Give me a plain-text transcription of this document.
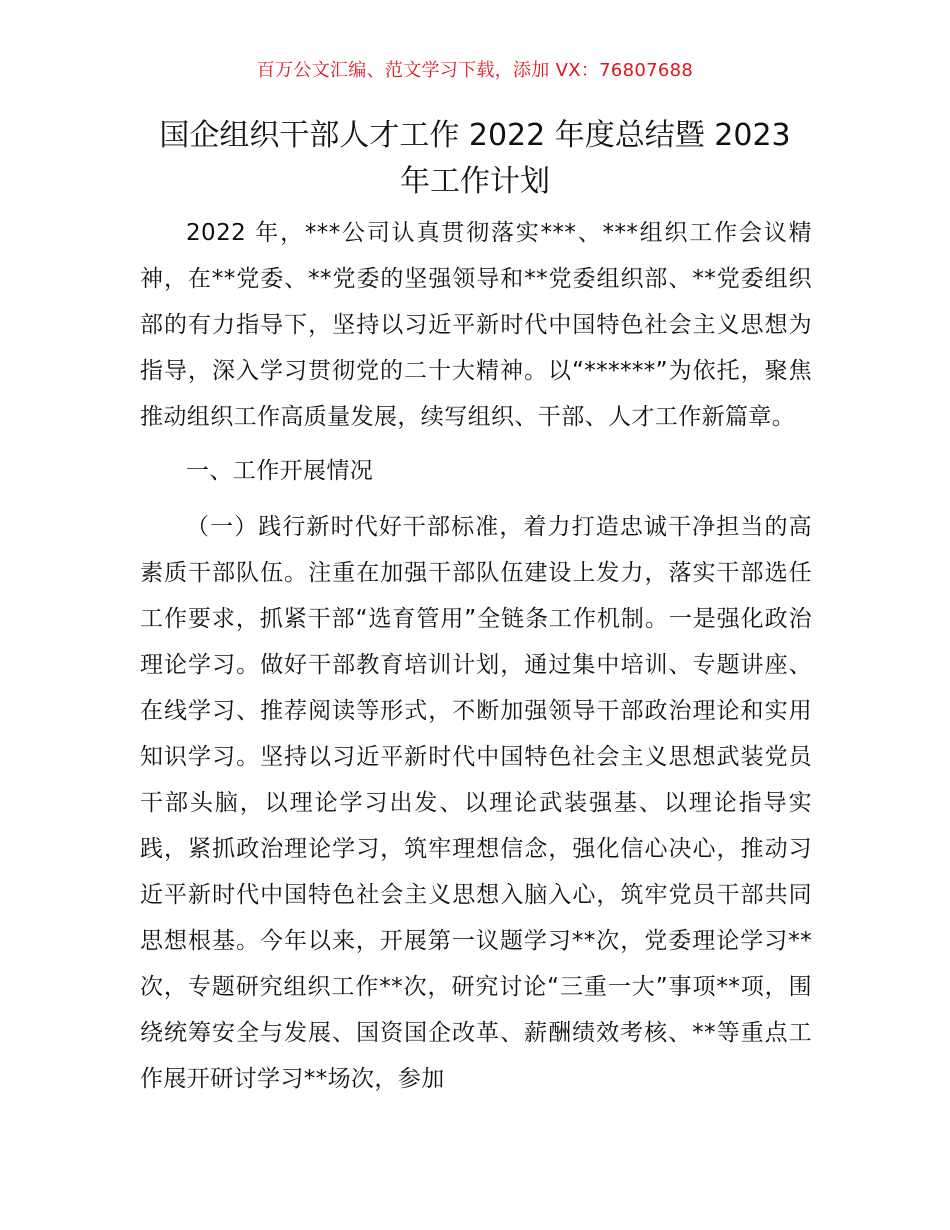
百万公文汇编、范文学习下载，添加 VX：76807688
国企组织干部人才工作 2022 年度总结暨 2023 年工作计划

2022 年，***公司认真贯彻落实***、***组织工作会议精神，在**党委、**党委的坚强领导和**党委组织部、**党委组织部的有力指导下，坚持以习近平新时代中国特色社会主义思想为指导，深入学习贯彻党的二十大精神。以“******”为依托，聚焦推动组织工作高质量发展，续写组织、干部、人才工作新篇章。

一、工作开展情况

（一）践行新时代好干部标准，着力打造忠诚干净担当的高素质干部队伍。注重在加强干部队伍建设上发力，落实干部选任工作要求，抓紧干部“选育管用”全链条工作机制。一是强化政治理论学习。做好干部教育培训计划，通过集中培训、专题讲座、在线学习、推荐阅读等形式，不断加强领导干部政治理论和实用知识学习。坚持以习近平新时代中国特色社会主义思想武装党员干部头脑，以理论学习出发、以理论武装强基、以理论指导实践，紧抓政治理论学习，筑牢理想信念，强化信心决心，推动习近平新时代中国特色社会主义思想入脑入心，筑牢党员干部共同思想根基。今年以来，开展第一议题学习**次，党委理论学习**次，专题研究组织工作**次，研究讨论“三重一大”事项**项，围绕统筹安全与发展、国资国企改革、薪酬绩效考核、**等重点工作展开研讨学习**场次，参加
